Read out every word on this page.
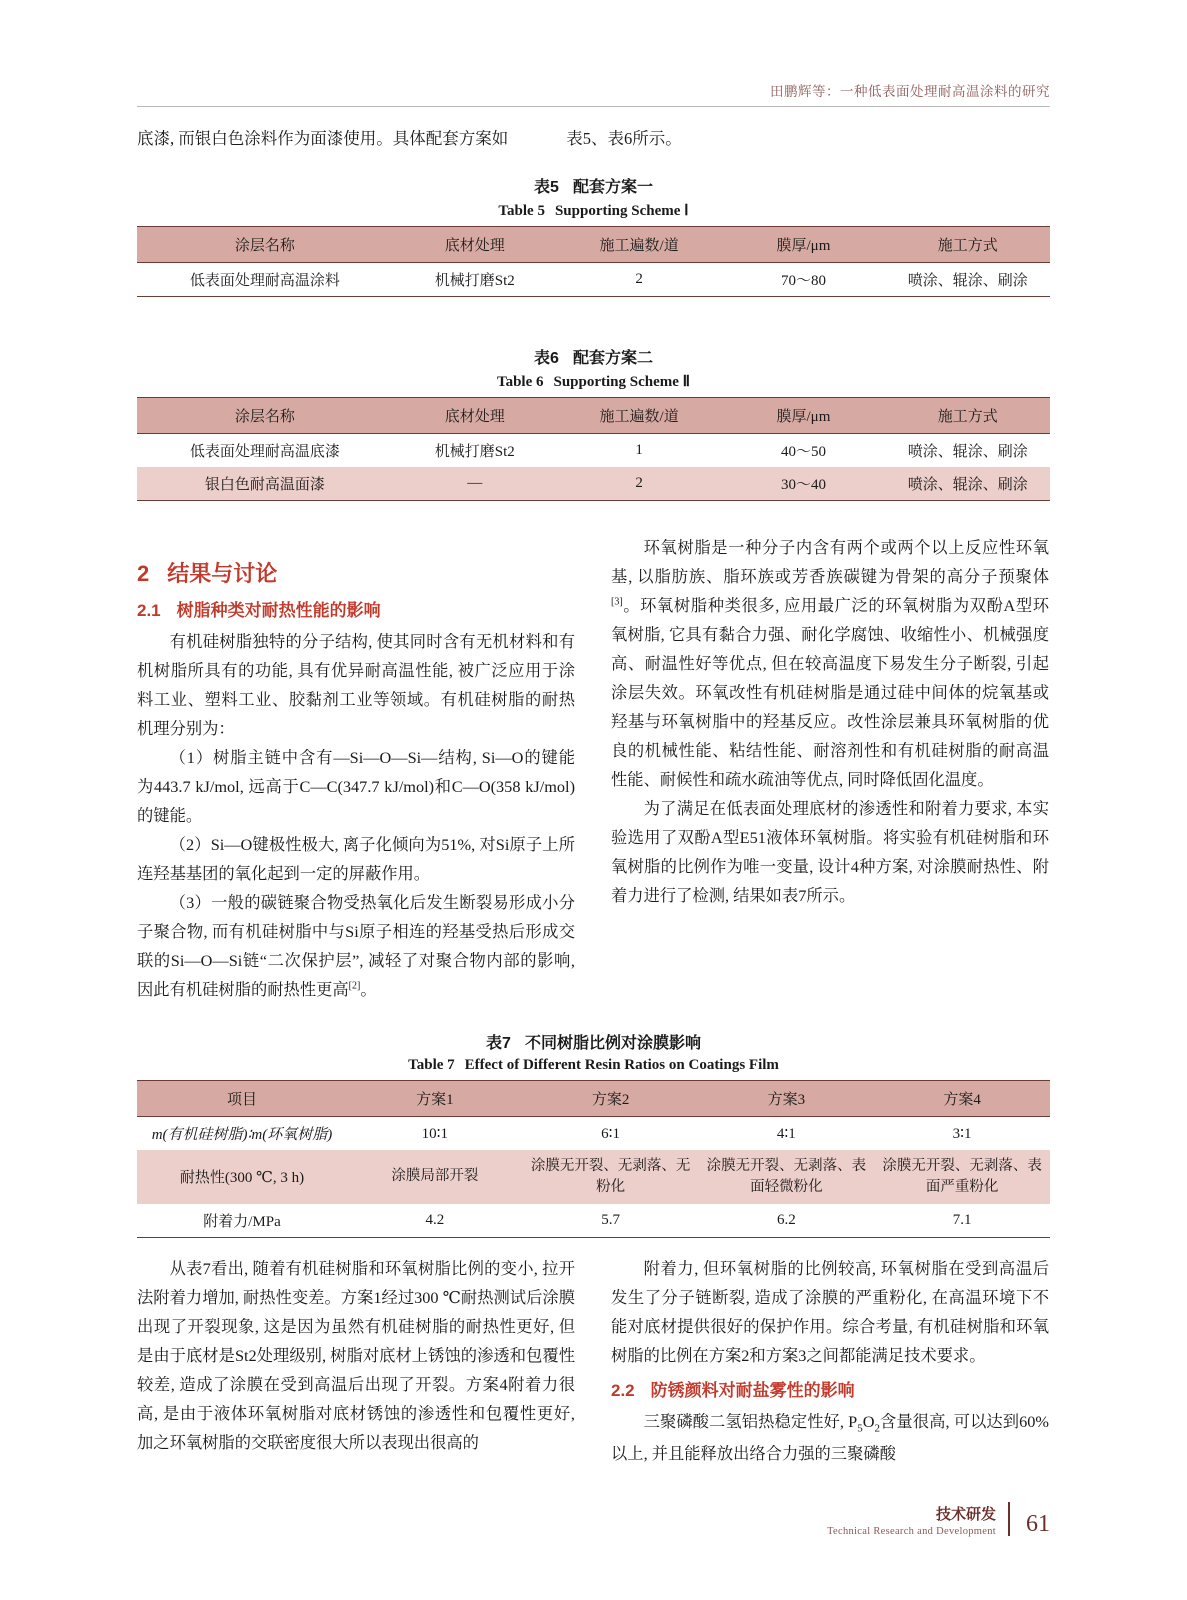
田鹏辉等：一种低表面处理耐高温涂料的研究
底漆, 而银白色涂料作为面漆使用。具体配套方案如	表5、表6所示。
表5 配套方案一
Table 5 Supporting Scheme Ⅰ
涂层名称	底材处理	施工遍数/道	膜厚/μm	施工方式
低表面处理耐高温涂料	机械打磨St2	2	70～80	喷涂、辊涂、刷涂
表6 配套方案二
Table 6 Supporting Scheme Ⅱ
涂层名称	底材处理	施工遍数/道	膜厚/μm	施工方式
低表面处理耐高温底漆	机械打磨St2	1	40～50	喷涂、辊涂、刷涂
银白色耐高温面漆	—	2	30～40	喷涂、辊涂、刷涂
2 结果与讨论
2.1 树脂种类对耐热性能的影响

有机硅树脂独特的分子结构, 使其同时含有无机材料和有机树脂所具有的功能, 具有优异耐高温性能, 被广泛应用于涂料工业、塑料工业、胶黏剂工业等领域。有机硅树脂的耐热机理分别为：

（1）树脂主链中含有—Si—O—Si—结构, Si—O的键能为443.7 kJ/mol, 远高于C—C(347.7 kJ/mol)和C—O(358 kJ/mol)的键能。

（2）Si—O键极性极大, 离子化倾向为51%, 对Si原子上所连羟基基团的氧化起到一定的屏蔽作用。

（3）一般的碳链聚合物受热氧化后发生断裂易形成小分子聚合物, 而有机硅树脂中与Si原子相连的羟基受热后形成交联的Si—O—Si链“二次保护层”, 减轻了对聚合物内部的影响, 因此有机硅树脂的耐热性更高[2]。

环氧树脂是一种分子内含有两个或两个以上反应性环氧基, 以脂肪族、脂环族或芳香族碳键为骨架的高分子预聚体[3]。环氧树脂种类很多, 应用最广泛的环氧树脂为双酚A型环氧树脂, 它具有黏合力强、耐化学腐蚀、收缩性小、机械强度高、耐温性好等优点, 但在较高温度下易发生分子断裂, 引起涂层失效。环氧改性有机硅树脂是通过硅中间体的烷氧基或羟基与环氧树脂中的羟基反应。改性涂层兼具环氧树脂的优良的机械性能、粘结性能、耐溶剂性和有机硅树脂的耐高温性能、耐候性和疏水疏油等优点, 同时降低固化温度。

为了满足在低表面处理底材的渗透性和附着力要求, 本实验选用了双酚A型E51液体环氧树脂。将实验有机硅树脂和环氧树脂的比例作为唯一变量, 设计4种方案, 对涂膜耐热性、附着力进行了检测, 结果如表7所示。

表7 不同树脂比例对涂膜影响
Table 7 Effect of Different Resin Ratios on Coatings Film
项目	方案1	方案2	方案3	方案4
m(有机硅树脂)∶m(环氧树脂)	10∶1	6∶1	4∶1	3∶1
耐热性(300 ℃, 3 h)	涂膜局部开裂	涂膜无开裂、无剥落、无粉化	涂膜无开裂、无剥落、表面轻微粉化	涂膜无开裂、无剥落、表面严重粉化
附着力/MPa	4.2	5.7	6.2	7.1

从表7看出, 随着有机硅树脂和环氧树脂比例的变小, 拉开法附着力增加, 耐热性变差。方案1经过300 ℃耐热测试后涂膜出现了开裂现象, 这是因为虽然有机硅树脂的耐热性更好, 但是由于底材是St2处理级别, 树脂对底材上锈蚀的渗透和包覆性较差, 造成了涂膜在受到高温后出现了开裂。方案4附着力很高, 是由于液体环氧树脂对底材锈蚀的渗透性和包覆性更好, 加之环氧树脂的交联密度很大所以表现出很高的

附着力, 但环氧树脂的比例较高, 环氧树脂在受到高温后发生了分子链断裂, 造成了涂膜的严重粉化, 在高温环境下不能对底材提供很好的保护作用。综合考量, 有机硅树脂和环氧树脂的比例在方案2和方案3之间都能满足技术要求。

2.2 防锈颜料对耐盐雾性的影响

三聚磷酸二氢铝热稳定性好, $P_5O_2$含量很高, 可以达到60%以上, 并且能释放出络合力强的三聚磷酸

技术研发
Technical Research and Development 61
